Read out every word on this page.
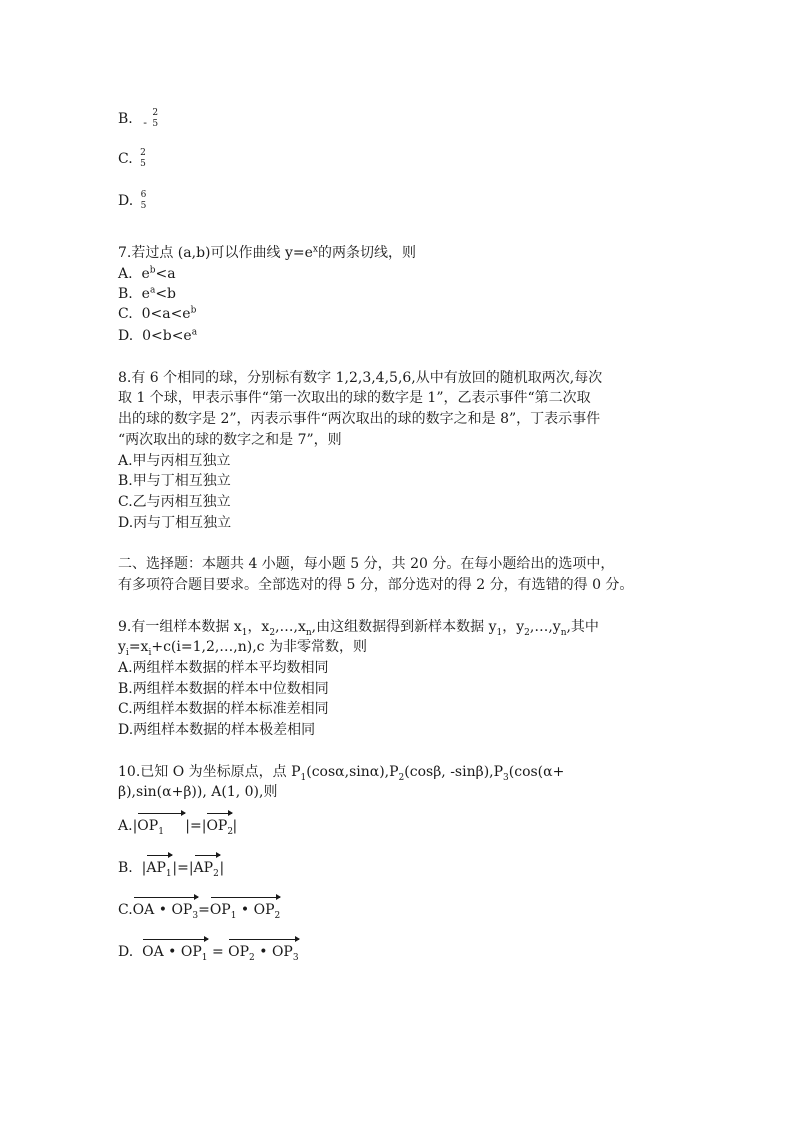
B. $_-$
2
5
C. 2
5
D. 6
5
7.若过点 (a,b)可以作曲线 $y=e^x$的两条切线，则
A. $e^b<a$
B. $e^a<b$
C. $0<a<e^b$
D. $0<b<e^a$
8.有 6 个相同的球，分别标有数字 1,2,3,4,5,6,从中有放回的随机取两次,每次
取 1 个球，甲表示事件“第一次取出的球的数字是 1”，乙表示事件“第二次取
出的球的数字是 2”，丙表示事件“两次取出的球的数字之和是 8”，丁表示事件
“两次取出的球的数字之和是 7”，则
A.甲与丙相互独立
B.甲与丁相互独立
C.乙与丙相互独立
D.丙与丁相互独立
二、选择题：本题共 4 小题，每小题 5 分，共 20 分。在每小题给出的选项中，
有多项符合题目要求。全部选对的得 5 分，部分选对的得 2 分，有选错的得 0 分。
9.有一组样本数据 $x_1$，$x_2,\dots,x_n$,由这组数据得到新样本数据 $y_1$，$y_2,\dots,y_n$,其中
$y_i=x_i+c(i=1,2,\dots,n),c$ 为非零常数，则
A.两组样本数据的样本平均数相同
B.两组样本数据的样本中位数相同
C.两组样本数据的样本标准差相同
D.两组样本数据的样本极差相同
10.已知 O 为坐标原点，点 $P_1(\cos\alpha,\sin\alpha),P_2(\cos\beta$, $-\sin\beta),P_3(\cos(\alpha+$
β),sin(α+β)), A(1, 0),则
$A.|OP_1$ $|=|OP_2|$
B. $|AP_1|=|AP_2|$
C.OA • $OP_3=OP_1$ • $OP_2$
D. OA • $OP_1 = OP_2$ • $OP_3$
